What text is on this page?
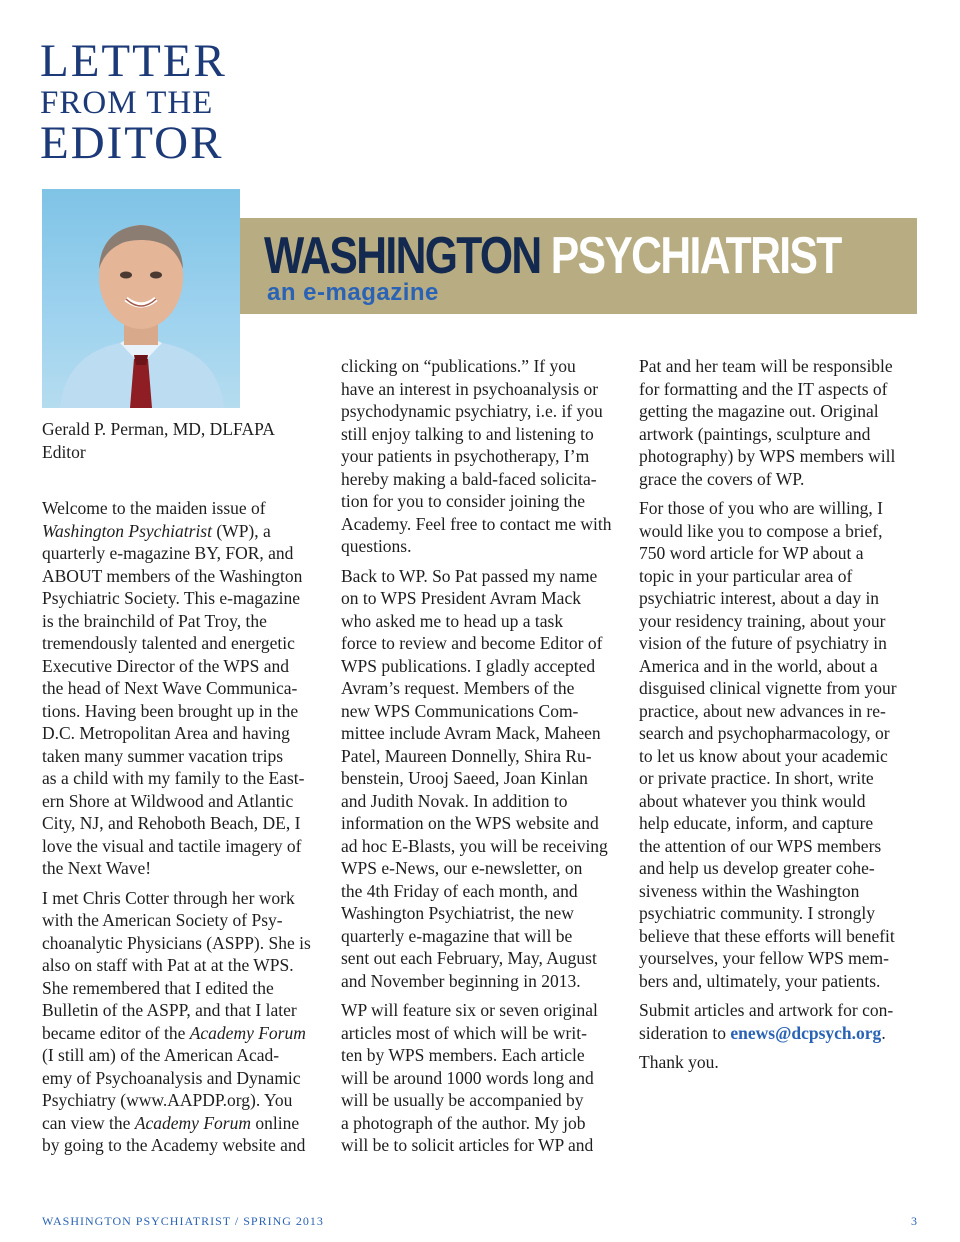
LETTER
FROM THE
EDITOR
WASHINGTON PSYCHIATRIST
an e-magazine
Gerald P. Perman, MD, DLFAPA
Editor
Welcome to the maiden issue of
Washington Psychiatrist (WP), a
quarterly e-magazine BY, FOR, and
ABOUT members of the Washington
Psychiatric Society. This e-magazine
is the brainchild of Pat Troy, the
tremendously talented and energetic
Executive Director of the WPS and
the head of Next Wave Communica-
tions. Having been brought up in the
D.C. Metropolitan Area and having
taken many summer vacation trips
as a child with my family to the East-
ern Shore at Wildwood and Atlantic
City, NJ, and Rehoboth Beach, DE, I
love the visual and tactile imagery of
the Next Wave!
I met Chris Cotter through her work
with the American Society of Psy-
choanalytic Physicians (ASPP). She is
also on staff with Pat at at the WPS.
She remembered that I edited the
Bulletin of the ASPP, and that I later
became editor of the Academy Forum
(I still am) of the American Acad-
emy of Psychoanalysis and Dynamic
Psychiatry (www.AAPDP.org). You
can view the Academy Forum online
by going to the Academy website and
clicking on “publications.” If you
have an interest in psychoanalysis or
psychodynamic psychiatry, i.e. if you
still enjoy talking to and listening to
your patients in psychotherapy, I’m
hereby making a bald-faced solicita-
tion for you to consider joining the
Academy. Feel free to contact me with
questions.
Back to WP. So Pat passed my name
on to WPS President Avram Mack
who asked me to head up a task
force to review and become Editor of
WPS publications. I gladly accepted
Avram’s request. Members of the
new WPS Communications Com-
mittee include Avram Mack, Maheen
Patel, Maureen Donnelly, Shira Ru-
benstein, Urooj Saeed, Joan Kinlan
and Judith Novak. In addition to
information on the WPS website and
ad hoc E-Blasts, you will be receiving
WPS e-News, our e-newsletter, on
the 4th Friday of each month, and
Washington Psychiatrist, the new
quarterly e-magazine that will be
sent out each February, May, August
and November beginning in 2013.
WP will feature six or seven original
articles most of which will be writ-
ten by WPS members. Each article
will be around 1000 words long and
will be usually be accompanied by
a photograph of the author. My job
will be to solicit articles for WP and
Pat and her team will be responsible
for formatting and the IT aspects of
getting the magazine out. Original
artwork (paintings, sculpture and
photography) by WPS members will
grace the covers of WP.
For those of you who are willing, I
would like you to compose a brief,
750 word article for WP about a
topic in your particular area of
psychiatric interest, about a day in
your residency training, about your
vision of the future of psychiatry in
America and in the world, about a
disguised clinical vignette from your
practice, about new advances in re-
search and psychopharmacology, or
to let us know about your academic
or private practice. In short, write
about whatever you think would
help educate, inform, and capture
the attention of our WPS members
and help us develop greater cohe-
siveness within the Washington
psychiatric community. I strongly
believe that these efforts will benefit
yourselves, your fellow WPS mem-
bers and, ultimately, your patients.
Submit articles and artwork for con-
sideration to enews@dcpsych.org.
Thank you.
WASHINGTON PSYCHIATRIST / SPRING 2013	3
